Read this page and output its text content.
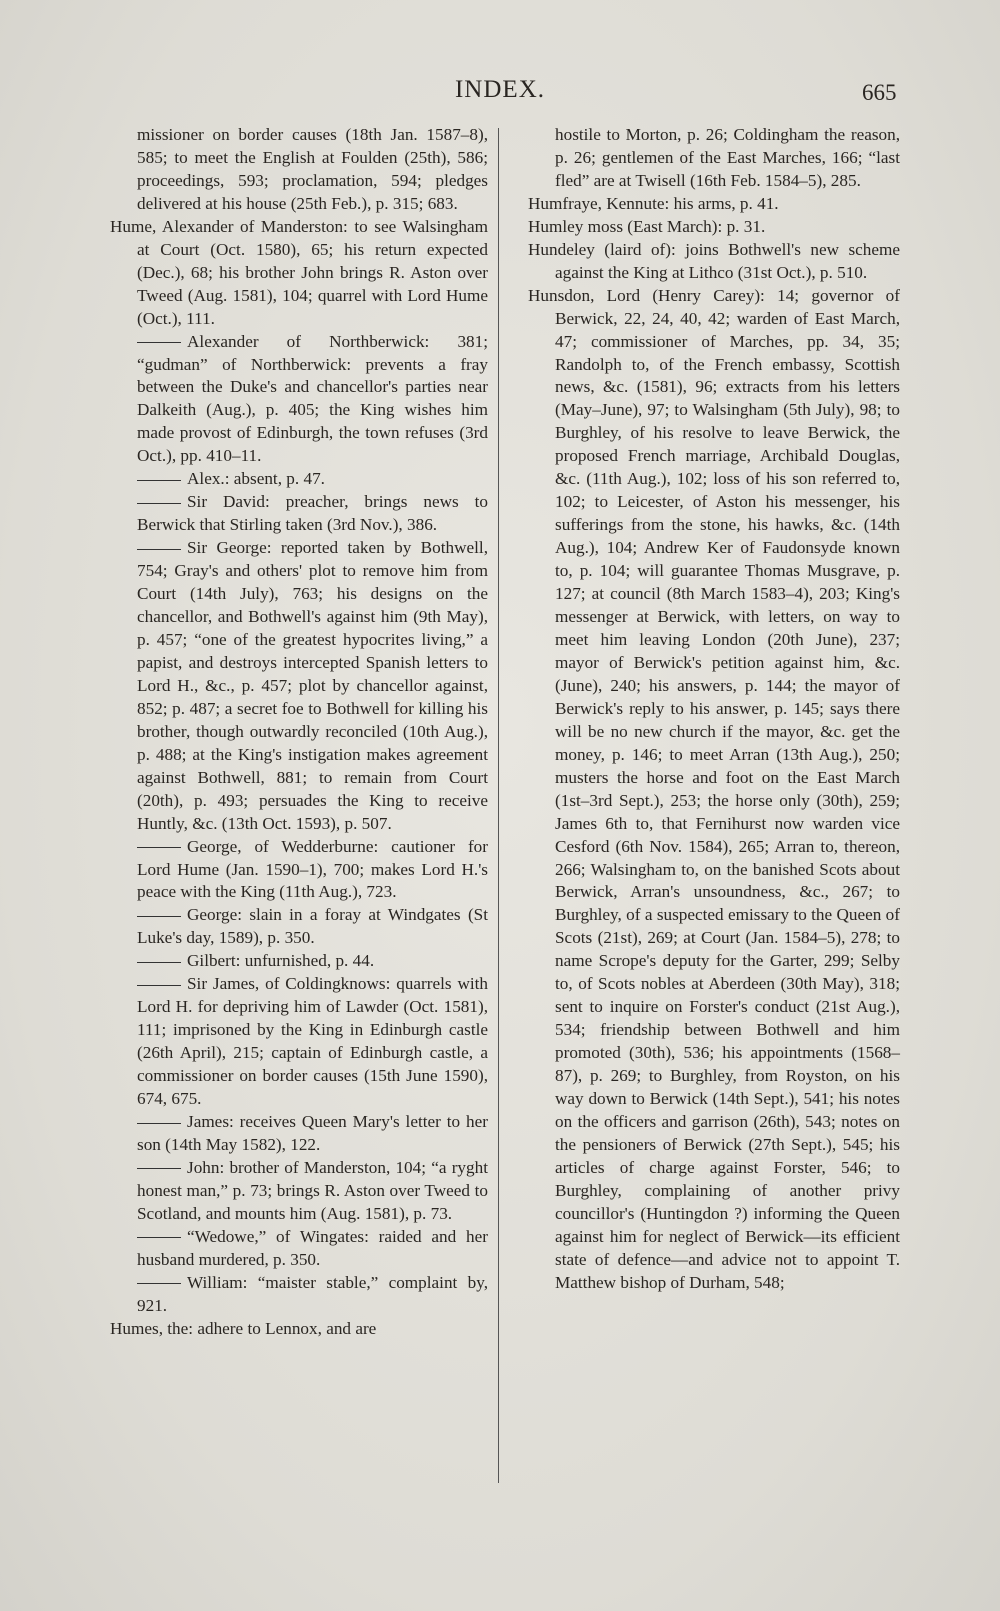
INDEX.	665

missioner on border causes (18th Jan. 1587–8), 585; to meet the English at Foulden (25th), 586; proceedings, 593; proclamation, 594; pledges delivered at his house (25th Feb.), p. 315; 683.

Hume, Alexander of Manderston: to see Walsingham at Court (Oct. 1580), 65; his return expected (Dec.), 68; his brother John brings R. Aston over Tweed (Aug. 1581), 104; quarrel with Lord Hume (Oct.), 111.

Alexander of Northberwick: 381; “gudman” of Northberwick: prevents a fray between the Duke's and chancellor's parties near Dalkeith (Aug.), p. 405; the King wishes him made provost of Edinburgh, the town refuses (3rd Oct.), pp. 410–11.

Alex.: absent, p. 47.

Sir David: preacher, brings news to Berwick that Stirling taken (3rd Nov.), 386.

Sir George: reported taken by Bothwell, 754; Gray's and others' plot to remove him from Court (14th July), 763; his designs on the chancellor, and Bothwell's against him (9th May), p. 457; “one of the greatest hypocrites living,” a papist, and destroys intercepted Spanish letters to Lord H., &c., p. 457; plot by chancellor against, 852; p. 487; a secret foe to Bothwell for killing his brother, though outwardly reconciled (10th Aug.), p. 488; at the King's instigation makes agreement against Bothwell, 881; to remain from Court (20th), p. 493; persuades the King to receive Huntly, &c. (13th Oct. 1593), p. 507.

George, of Wedderburne: cautioner for Lord Hume (Jan. 1590–1), 700; makes Lord H.'s peace with the King (11th Aug.), 723.

George: slain in a foray at Windgates (St Luke's day, 1589), p. 350.

Gilbert: unfurnished, p. 44.

Sir James, of Coldingknows: quarrels with Lord H. for depriving him of Lawder (Oct. 1581), 111; imprisoned by the King in Edinburgh castle (26th April), 215; captain of Edinburgh castle, a commissioner on border causes (15th June 1590), 674, 675.

James: receives Queen Mary's letter to her son (14th May 1582), 122.

John: brother of Manderston, 104; “a ryght honest man,” p. 73; brings R. Aston over Tweed to Scotland, and mounts him (Aug. 1581), p. 73.

“Wedowe,” of Wingates: raided and her husband murdered, p. 350.

William: “maister stable,” complaint by, 921.

Humes, the: adhere to Lennox, and are

hostile to Morton, p. 26; Coldingham the reason, p. 26; gentlemen of the East Marches, 166; “last fled” are at Twisell (16th Feb. 1584–5), 285.

Humfraye, Kennute: his arms, p. 41.

Humley moss (East March): p. 31.

Hundeley (laird of): joins Bothwell's new scheme against the King at Lithco (31st Oct.), p. 510.

Hunsdon, Lord (Henry Carey): 14; governor of Berwick, 22, 24, 40, 42; warden of East March, 47; commissioner of Marches, pp. 34, 35; Randolph to, of the French embassy, Scottish news, &c. (1581), 96; extracts from his letters (May–June), 97; to Walsingham (5th July), 98; to Burghley, of his resolve to leave Berwick, the proposed French marriage, Archibald Douglas, &c. (11th Aug.), 102; loss of his son referred to, 102; to Leicester, of Aston his messenger, his sufferings from the stone, his hawks, &c. (14th Aug.), 104; Andrew Ker of Faudonsyde known to, p. 104; will guarantee Thomas Musgrave, p. 127; at council (8th March 1583–4), 203; King's messenger at Berwick, with letters, on way to meet him leaving London (20th June), 237; mayor of Berwick's petition against him, &c. (June), 240; his answers, p. 144; the mayor of Berwick's reply to his answer, p. 145; says there will be no new church if the mayor, &c. get the money, p. 146; to meet Arran (13th Aug.), 250; musters the horse and foot on the East March (1st–3rd Sept.), 253; the horse only (30th), 259; James 6th to, that Fernihurst now warden vice Cesford (6th Nov. 1584), 265; Arran to, thereon, 266; Walsingham to, on the banished Scots about Berwick, Arran's unsoundness, &c., 267; to Burghley, of a suspected emissary to the Queen of Scots (21st), 269; at Court (Jan. 1584–5), 278; to name Scrope's deputy for the Garter, 299; Selby to, of Scots nobles at Aberdeen (30th May), 318; sent to inquire on Forster's conduct (21st Aug.), 534; friendship between Bothwell and him promoted (30th), 536; his appointments (1568–87), p. 269; to Burghley, from Royston, on his way down to Berwick (14th Sept.), 541; his notes on the officers and garrison (26th), 543; notes on the pensioners of Berwick (27th Sept.), 545; his articles of charge against Forster, 546; to Burghley, complaining of another privy councillor's (Huntingdon ?) informing the Queen against him for neglect of Berwick—its efficient state of defence—and advice not to appoint T. Matthew bishop of Durham, 548;
